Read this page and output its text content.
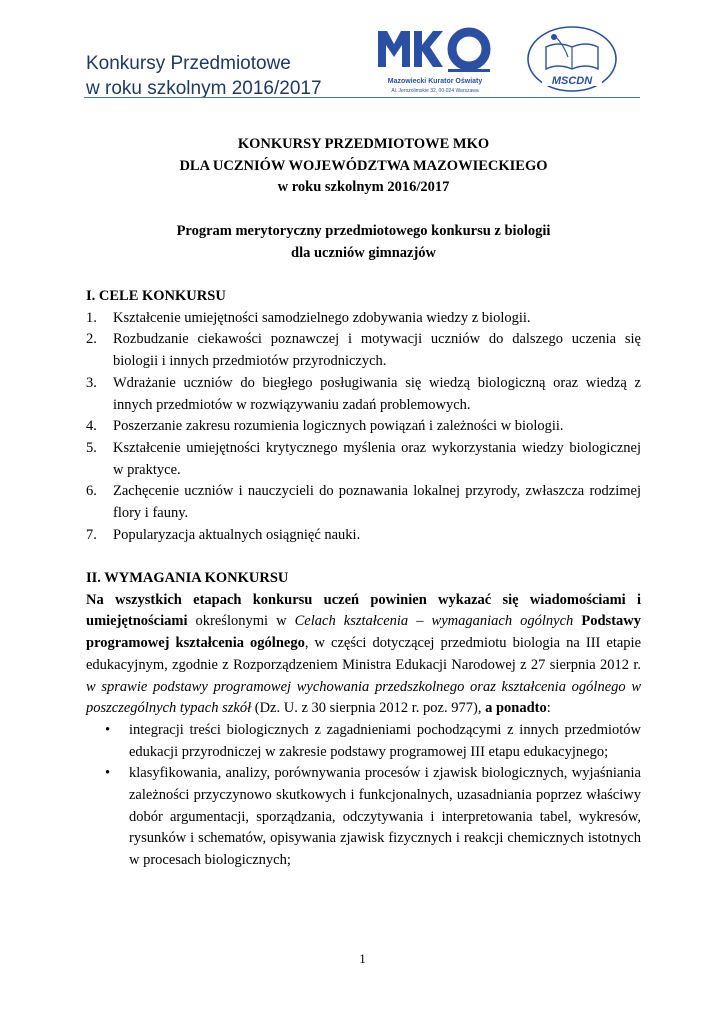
Konkursy Przedmiotowe
w roku szkolnym 2016/2017	Mazowiecki Kurator Oświaty
Al. Jerozolimskie 32, 00-024 Warszawa
MSCDN
KONKURSY PRZEDMIOTOWE MKO
DLA UCZNIÓW WOJEWÓDZTWA MAZOWIECKIEGO
w roku szkolnym 2016/2017
Program merytoryczny przedmiotowego konkursu z biologii
dla uczniów gimnazjów
I. CELE KONKURSU
1. Kształcenie umiejętności samodzielnego zdobywania wiedzy z biologii.
2. Rozbudzanie ciekawości poznawczej i motywacji uczniów do dalszego uczenia się biologii i innych przedmiotów przyrodniczych.
3. Wdrażanie uczniów do biegłego posługiwania się wiedzą biologiczną oraz wiedzą z innych przedmiotów w rozwiązywaniu zadań problemowych.
4. Poszerzanie zakresu rozumienia logicznych powiązań i zależności w biologii.
5. Kształcenie umiejętności krytycznego myślenia oraz wykorzystania wiedzy biologicznej w praktyce.
6. Zachęcenie uczniów i nauczycieli do poznawania lokalnej przyrody, zwłaszcza rodzimej flory i fauny.
7. Popularyzacja aktualnych osiągnięć nauki.
II. WYMAGANIA KONKURSU
Na wszystkich etapach konkursu uczeń powinien wykazać się wiadomościami i umiejętnościami określonymi w Celach kształcenia – wymaganiach ogólnych Podstawy programowej kształcenia ogólnego, w części dotyczącej przedmiotu biologia na III etapie edukacyjnym, zgodnie z Rozporządzeniem Ministra Edukacji Narodowej z 27 sierpnia 2012 r. w sprawie podstawy programowej wychowania przedszkolnego oraz kształcenia ogólnego w poszczególnych typach szkół (Dz. U. z 30 sierpnia 2012 r. poz. 977), a ponadto:
• integracji treści biologicznych z zagadnieniami pochodzącymi z innych przedmiotów edukacji przyrodniczej w zakresie podstawy programowej III etapu edukacyjnego;
• klasyfikowania, analizy, porównywania procesów i zjawisk biologicznych, wyjaśniania zależności przyczynowo skutkowych i funkcjonalnych, uzasadniania poprzez właściwy dobór argumentacji, sporządzania, odczytywania i interpretowania tabel, wykresów, rysunków i schematów, opisywania zjawisk fizycznych i reakcji chemicznych istotnych w procesach biologicznych;
1
